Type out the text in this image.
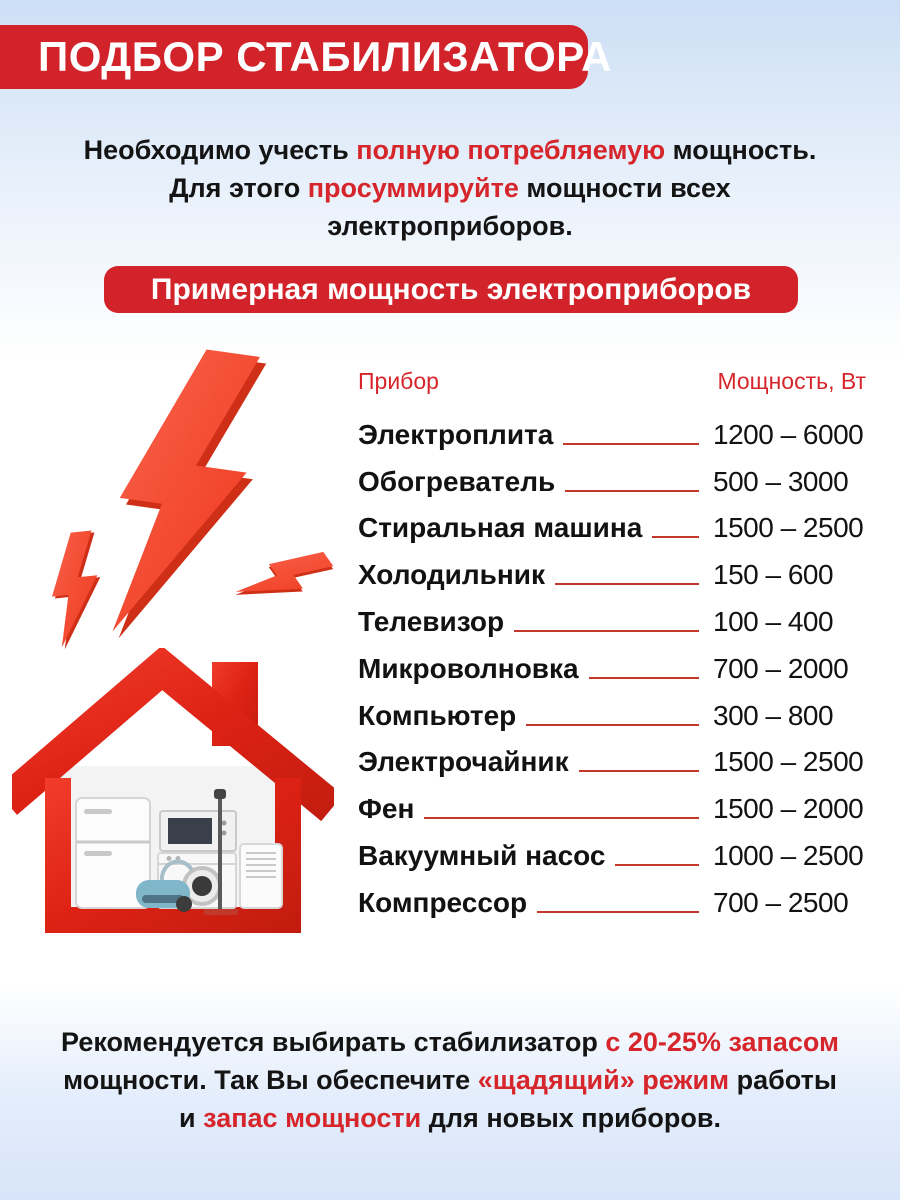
ПОДБОР СТАБИЛИЗАТОРА
Необходимо учесть полную потребляемую мощность.
Для этого просуммируйте мощности всех
электроприборов.
Примерная мощность электроприборов
Прибор	Мощность, Вт
Электроплита	1200 – 6000
Обогреватель	500 – 3000
Стиральная машина	1500 – 2500
Холодильник	150 – 600
Телевизор	100 – 400
Микроволновка	700 – 2000
Компьютер	300 – 800
Электрочайник	1500 – 2500
Фен	1500 – 2000
Вакуумный насос	1000 – 2500
Компрессор	700 – 2500
Рекомендуется выбирать стабилизатор с 20-25% запасом
мощности. Так Вы обеспечите «щадящий» режим работы
и запас мощности для новых приборов.
